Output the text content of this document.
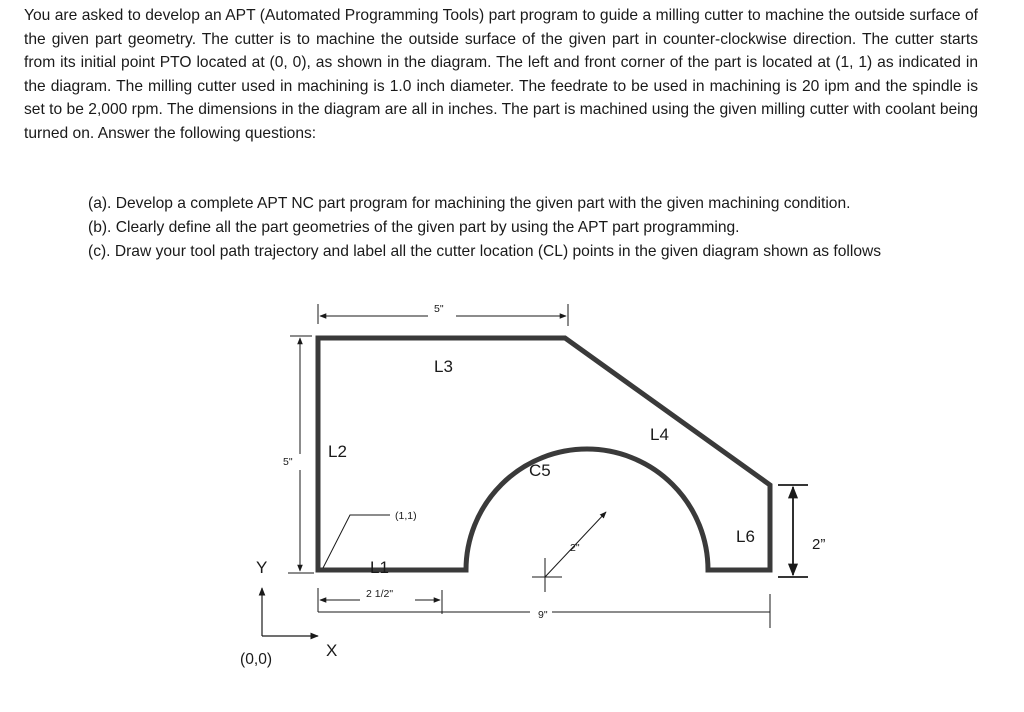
You are asked to develop an APT (Automated Programming Tools) part program to guide a milling cutter to machine the outside surface of the given part geometry. The cutter is to machine the outside surface of the given part in counter-clockwise direction. The cutter starts from its initial point PTO located at (0, 0), as shown in the diagram. The left and front corner of the part is located at (1, 1) as indicated in the diagram. The milling cutter used in machining is 1.0 inch diameter. The feedrate to be used in machining is 20 ipm and the spindle is set to be 2,000 rpm. The dimensions in the diagram are all in inches. The part is machined using the given milling cutter with coolant being turned on. Answer the following questions:

(a). Develop a complete APT NC part program for machining the given part with the given machining condition.
(b). Clearly define all the part geometries of the given part by using the APT part programming.
(c). Draw your tool path trajectory and label all the cutter location (CL) points in the given diagram shown as follows
5"
5"
(1,1)
2 1/2"
9"
2"	2”
L2
L3
L4
C5
L6
L1
Y
X
(0,0)
